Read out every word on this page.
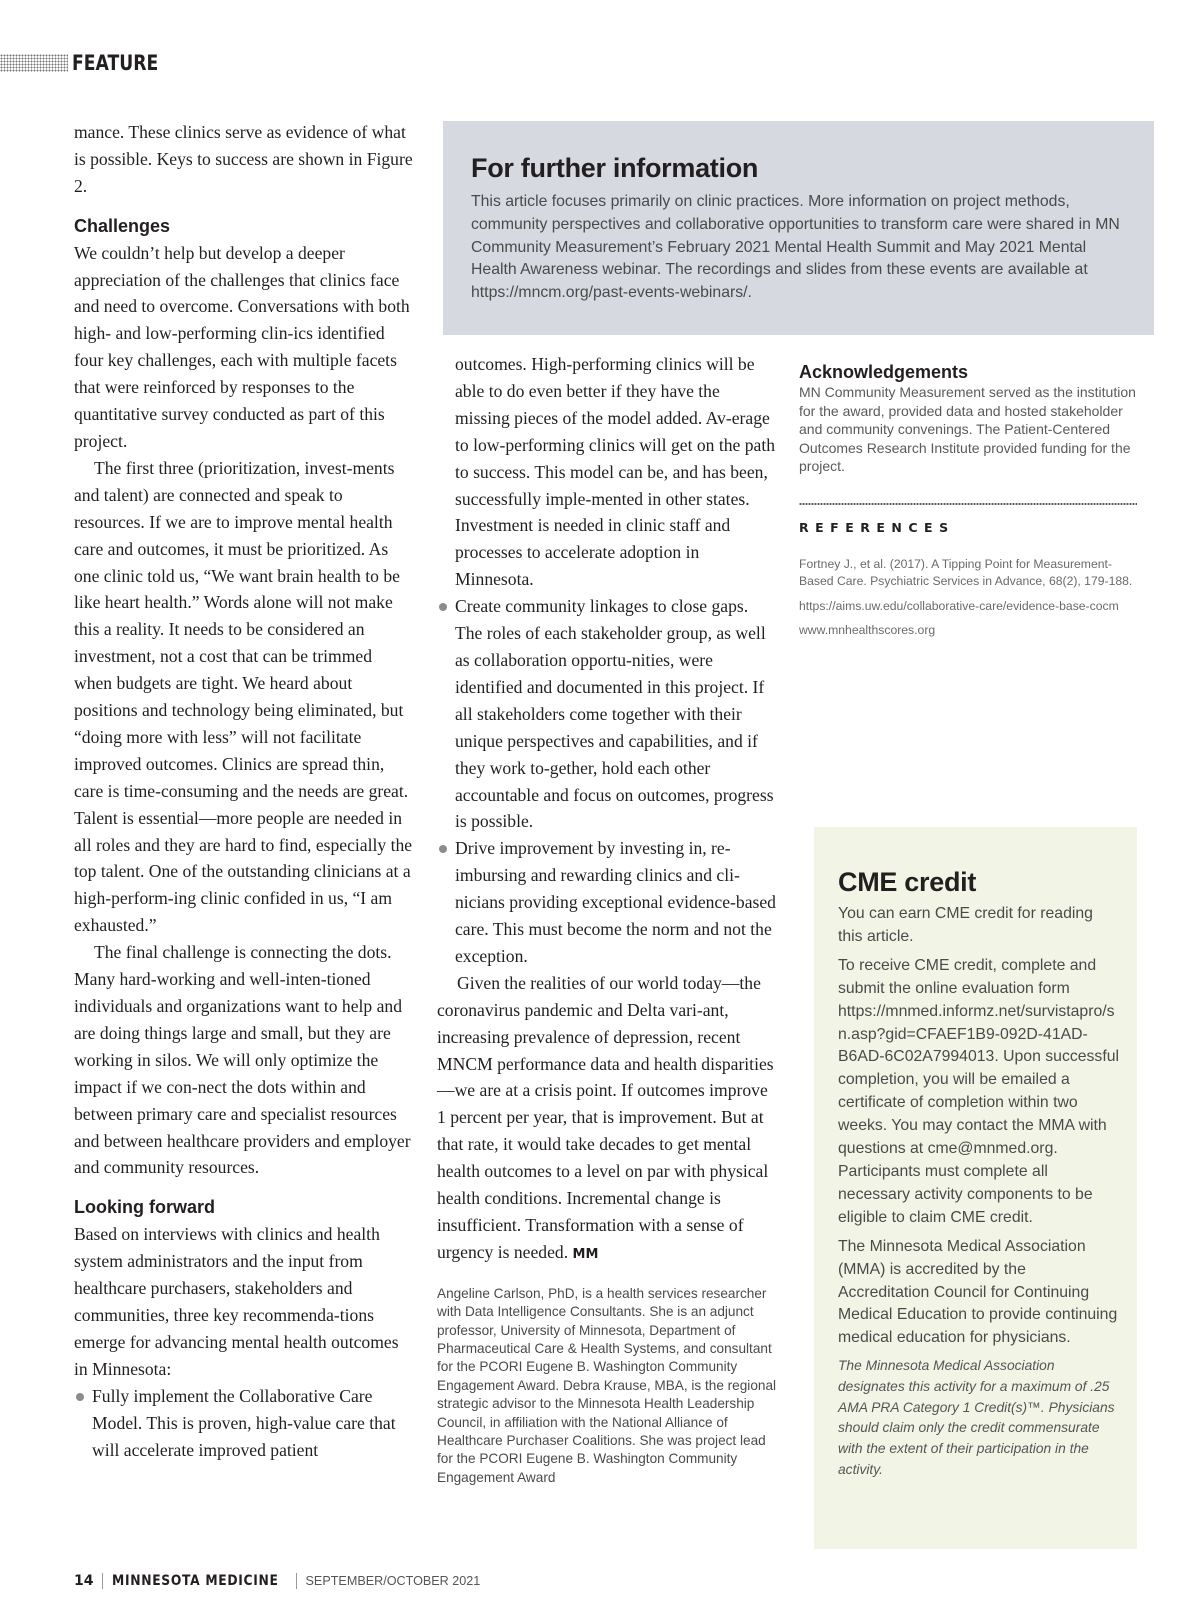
FEATURE

mance. These clinics serve as evidence of what is possible. Keys to success are shown in Figure 2.

Challenges

We couldn’t help but develop a deeper appreciation of the challenges that clinics face and need to overcome. Conversations with both high- and low-performing clin-ics identified four key challenges, each with multiple facets that were reinforced by responses to the quantitative survey conducted as part of this project.

The first three (prioritization, invest-ments and talent) are connected and speak to resources. If we are to improve mental health care and outcomes, it must be prioritized. As one clinic told us, “We want brain health to be like heart health.” Words alone will not make this a reality. It needs to be considered an investment, not a cost that can be trimmed when budgets are tight. We heard about positions and technology being eliminated, but “doing more with less” will not facilitate improved outcomes. Clinics are spread thin, care is time-consuming and the needs are great. Talent is essential—more people are needed in all roles and they are hard to find, especially the top talent. One of the outstanding clinicians at a high-perform-ing clinic confided in us, “I am exhausted.”

The final challenge is connecting the dots. Many hard-working and well-inten-tioned individuals and organizations want to help and are doing things large and small, but they are working in silos. We will only optimize the impact if we con-nect the dots within and between primary care and specialist resources and between healthcare providers and employer and community resources.

Looking forward

Based on interviews with clinics and health system administrators and the input from healthcare purchasers, stakeholders and communities, three key recommenda-tions emerge for advancing mental health outcomes in Minnesota:

Fully implement the Collaborative Care Model. This is proven, high-value care that will accelerate improved patient
For further information
This article focuses primarily on clinic practices. More information on project methods, community perspectives and collaborative opportunities to transform care were shared in MN Community Measurement’s February 2021 Mental Health Summit and May 2021 Mental Health Awareness webinar. The recordings and slides from these events are available at https://mncm.org/past-events-webinars/.

outcomes. High-performing clinics will be able to do even better if they have the missing pieces of the model added. Av-erage to low-performing clinics will get on the path to success. This model can be, and has been, successfully imple-mented in other states. Investment is needed in clinic staff and processes to accelerate adoption in Minnesota.

Create community linkages to close gaps. The roles of each stakeholder group, as well as collaboration opportu-nities, were identified and documented in this project. If all stakeholders come together with their unique perspectives and capabilities, and if they work to-gether, hold each other accountable and focus on outcomes, progress is possible.
Drive improvement by investing in, re-imbursing and rewarding clinics and cli-nicians providing exceptional evidence-based care. This must become the norm and not the exception.

Given the realities of our world today—the coronavirus pandemic and Delta vari-ant, increasing prevalence of depression, recent MNCM performance data and health disparities—we are at a crisis point. If outcomes improve 1 percent per year, that is improvement. But at that rate, it would take decades to get mental health outcomes to a level on par with physical health conditions. Incremental change is insufficient. Transformation with a sense of urgency is needed. MM

Angeline Carlson, PhD, is a health services researcher with Data Intelligence Consultants. She is an adjunct professor, University of Minnesota, Department of Pharmaceutical Care & Health Systems, and consultant for the PCORI Eugene B. Washington Community Engagement Award. Debra Krause, MBA, is the regional strategic advisor to the Minnesota Health Leadership Council, in affiliation with the National Alliance of Healthcare Purchaser Coalitions. She was project lead for the PCORI Eugene B. Washington Community Engagement Award

Acknowledgements
MN Community Measurement served as the institution for the award, provided data and hosted stakeholder and community convenings. The Patient-Centered Outcomes Research Institute provided funding for the project.
REFERENCES
Fortney J., et al. (2017). A Tipping Point for Measurement-Based Care. Psychiatric Services in Advance, 68(2), 179-188.
https://aims.uw.edu/collaborative-care/evidence-base-cocm
www.mnhealthscores.org
CME credit

You can earn CME credit for reading this article.

To receive CME credit, complete and submit the online evaluation form https://mnmed.informz.net/survistapro/sn.asp?gid=CFAEF1B9-092D-41AD-B6AD-6C02A7994013. Upon successful completion, you will be emailed a certificate of completion within two weeks. You may contact the MMA with questions at cme@mnmed.org. Participants must complete all necessary activity components to be eligible to claim CME credit.

The Minnesota Medical Association (MMA) is accredited by the Accreditation Council for Continuing Medical Education to provide continuing medical education for physicians.

The Minnesota Medical Association designates this activity for a maximum of .25 AMA PRA Category 1 Credit(s)™. Physicians should claim only the credit commensurate with the extent of their participation in the activity.

14 MINNESOTA MEDICINE SEPTEMBER/OCTOBER 2021
